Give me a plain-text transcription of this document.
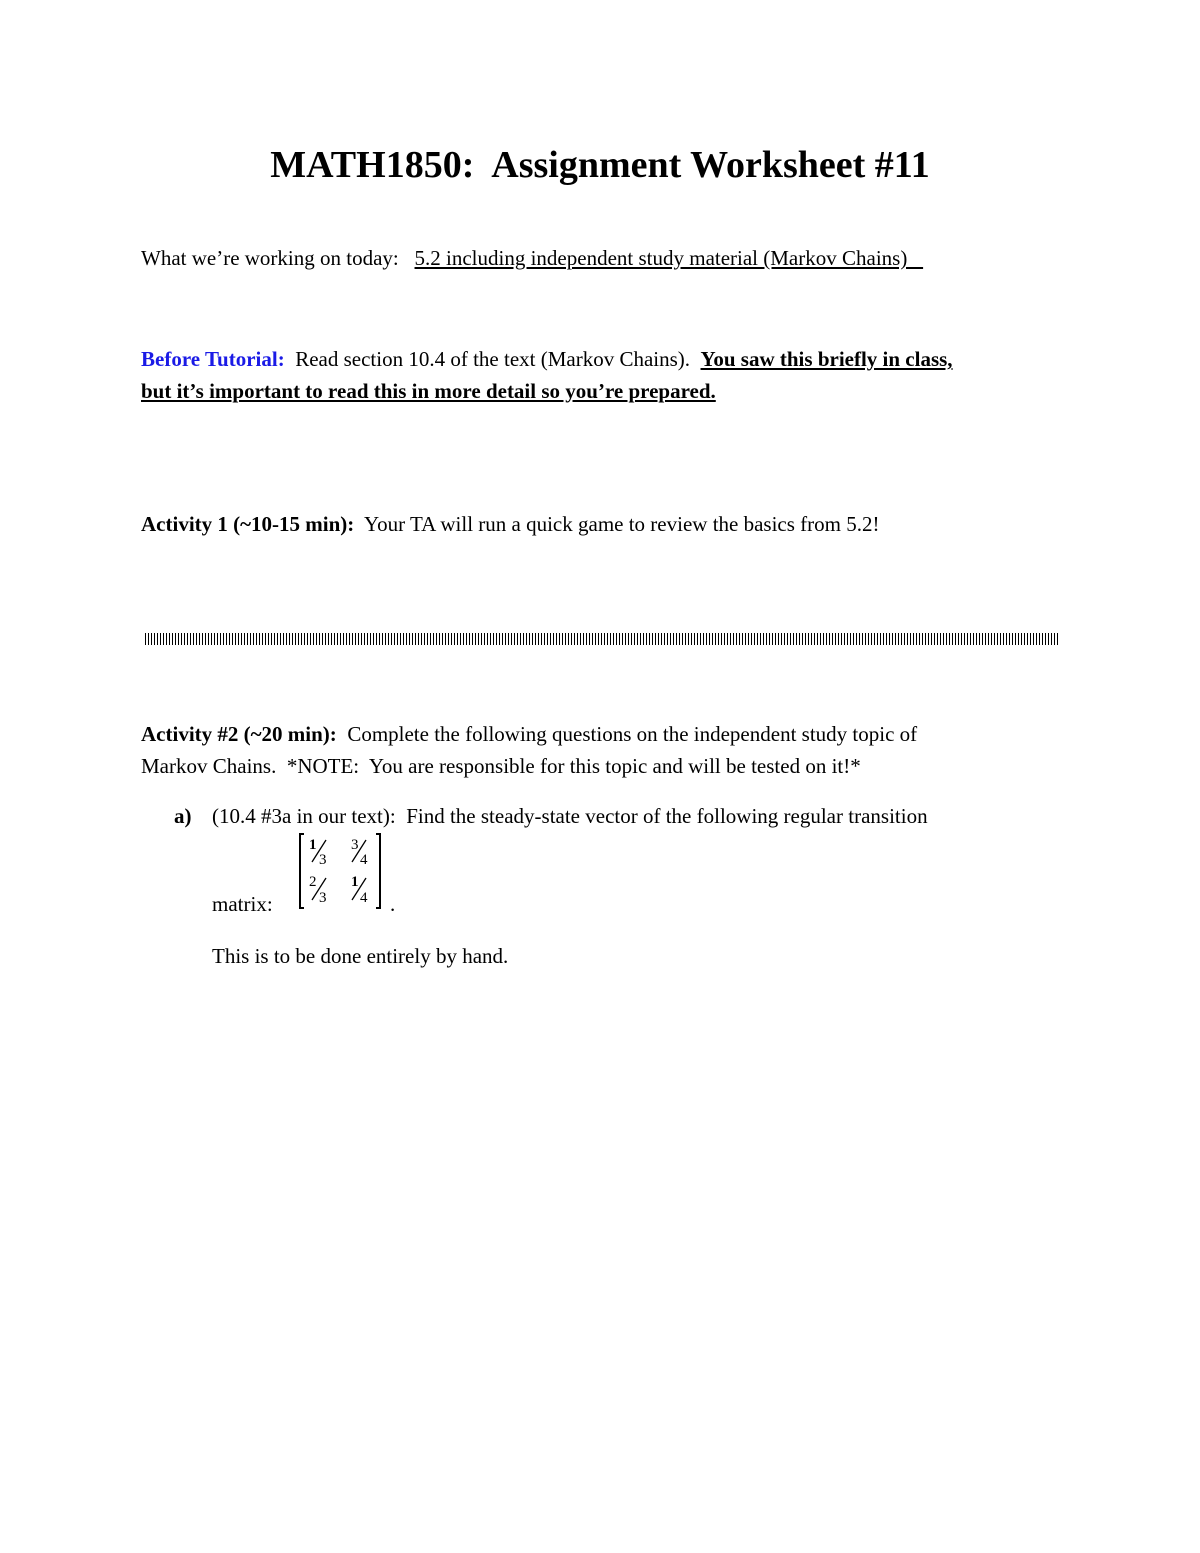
MATH1850:  Assignment Worksheet #11
What we’re working on today: 5.2 including independent study material (Markov Chains)
Before Tutorial: Read section 10.4 of the text (Markov Chains). You saw this briefly in class,
but it’s important to read this in more detail so you’re prepared.
Activity 1 (~10-15 min): Your TA will run a quick game to review the basics from 5.2!
Activity #2 (~20 min): Complete the following questions on the independent study topic of
Markov Chains.  *NOTE:  You are responsible for this topic and will be tested on it!*
a) (10.4 #3a in our text):  Find the steady-state vector of the following regular transition
matrix:
1
3
3
4
2
3
1
4 .
This is to be done entirely by hand.
